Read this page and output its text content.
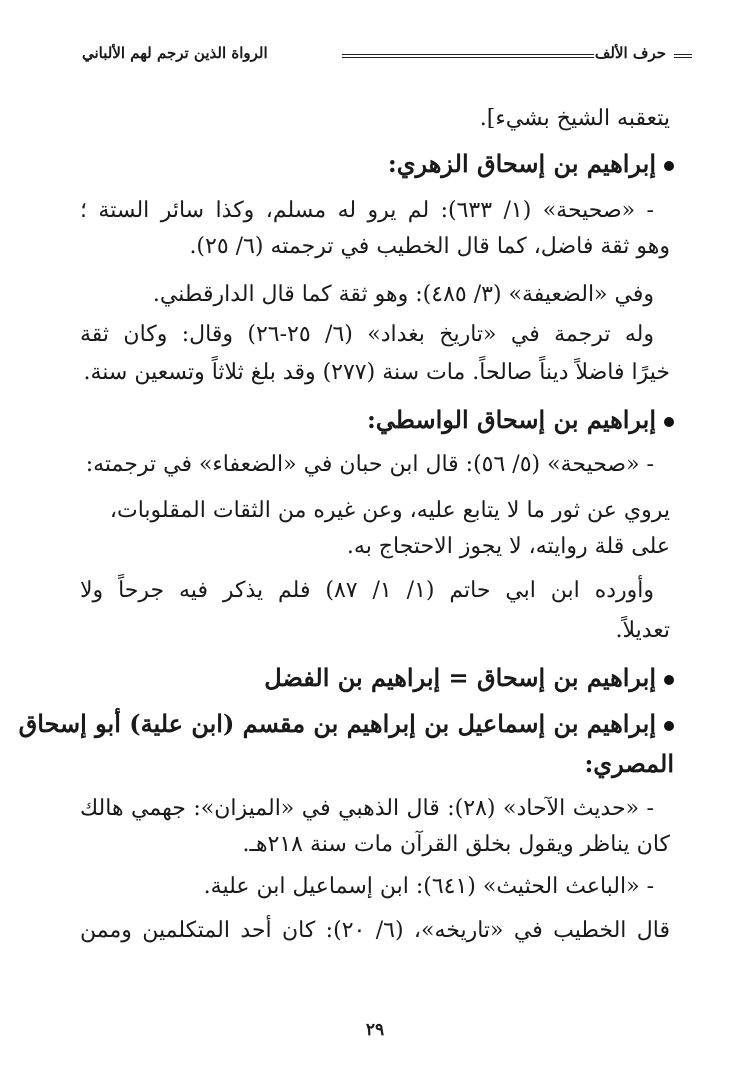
حرف الألف
الرواة الذين ترجم لهم الألباني
يتعقبه الشيخ بشيء].
إبراهيم بن إسحاق الزهري:
- «صحيحة» (١/ ٦٣٣): لم يرو له مسلم، وكذا سائر الستة ؛
وهو ثقة فاضل، كما قال الخطيب في ترجمته (٦/ ٢٥).
وفي «الضعيفة» (٣/ ٤٨٥): وهو ثقة كما قال الدارقطني.
وله ترجمة في «تاريخ بغداد» (٦/ ٢٥-٢٦) وقال: وكان ثقة
خيرًا فاضلاً ديناً صالحاً. مات سنة (٢٧٧) وقد بلغ ثلاثاً وتسعين سنة.
إبراهيم بن إسحاق الواسطي:
- «صحيحة» (٥/ ٥٦): قال ابن حبان في «الضعفاء» في ترجمته:
يروي عن ثور ما لا يتابع عليه، وعن غيره من الثقات المقلوبات،
على قلة روايته، لا يجوز الاحتجاج به.
وأورده ابن ابي حاتم (١/ ١/ ٨٧) فلم يذكر فيه جرحاً ولا
تعديلاً.
إبراهيم بن إسحاق = إبراهيم بن الفضل
إبراهيم بن إسماعيل بن إبراهيم بن مقسم (ابن علية) أبو إسحاق
المصري:
- «حديث الآحاد» (٢٨): قال الذهبي في «الميزان»: جهمي هالك
كان يناظر ويقول بخلق القرآن مات سنة ٢١٨هـ.
- «الباعث الحثيث» (٦٤١): ابن إسماعيل ابن علية.
قال الخطيب في «تاريخه»، (٦/ ٢٠): كان أحد المتكلمين وممن
٢٩
